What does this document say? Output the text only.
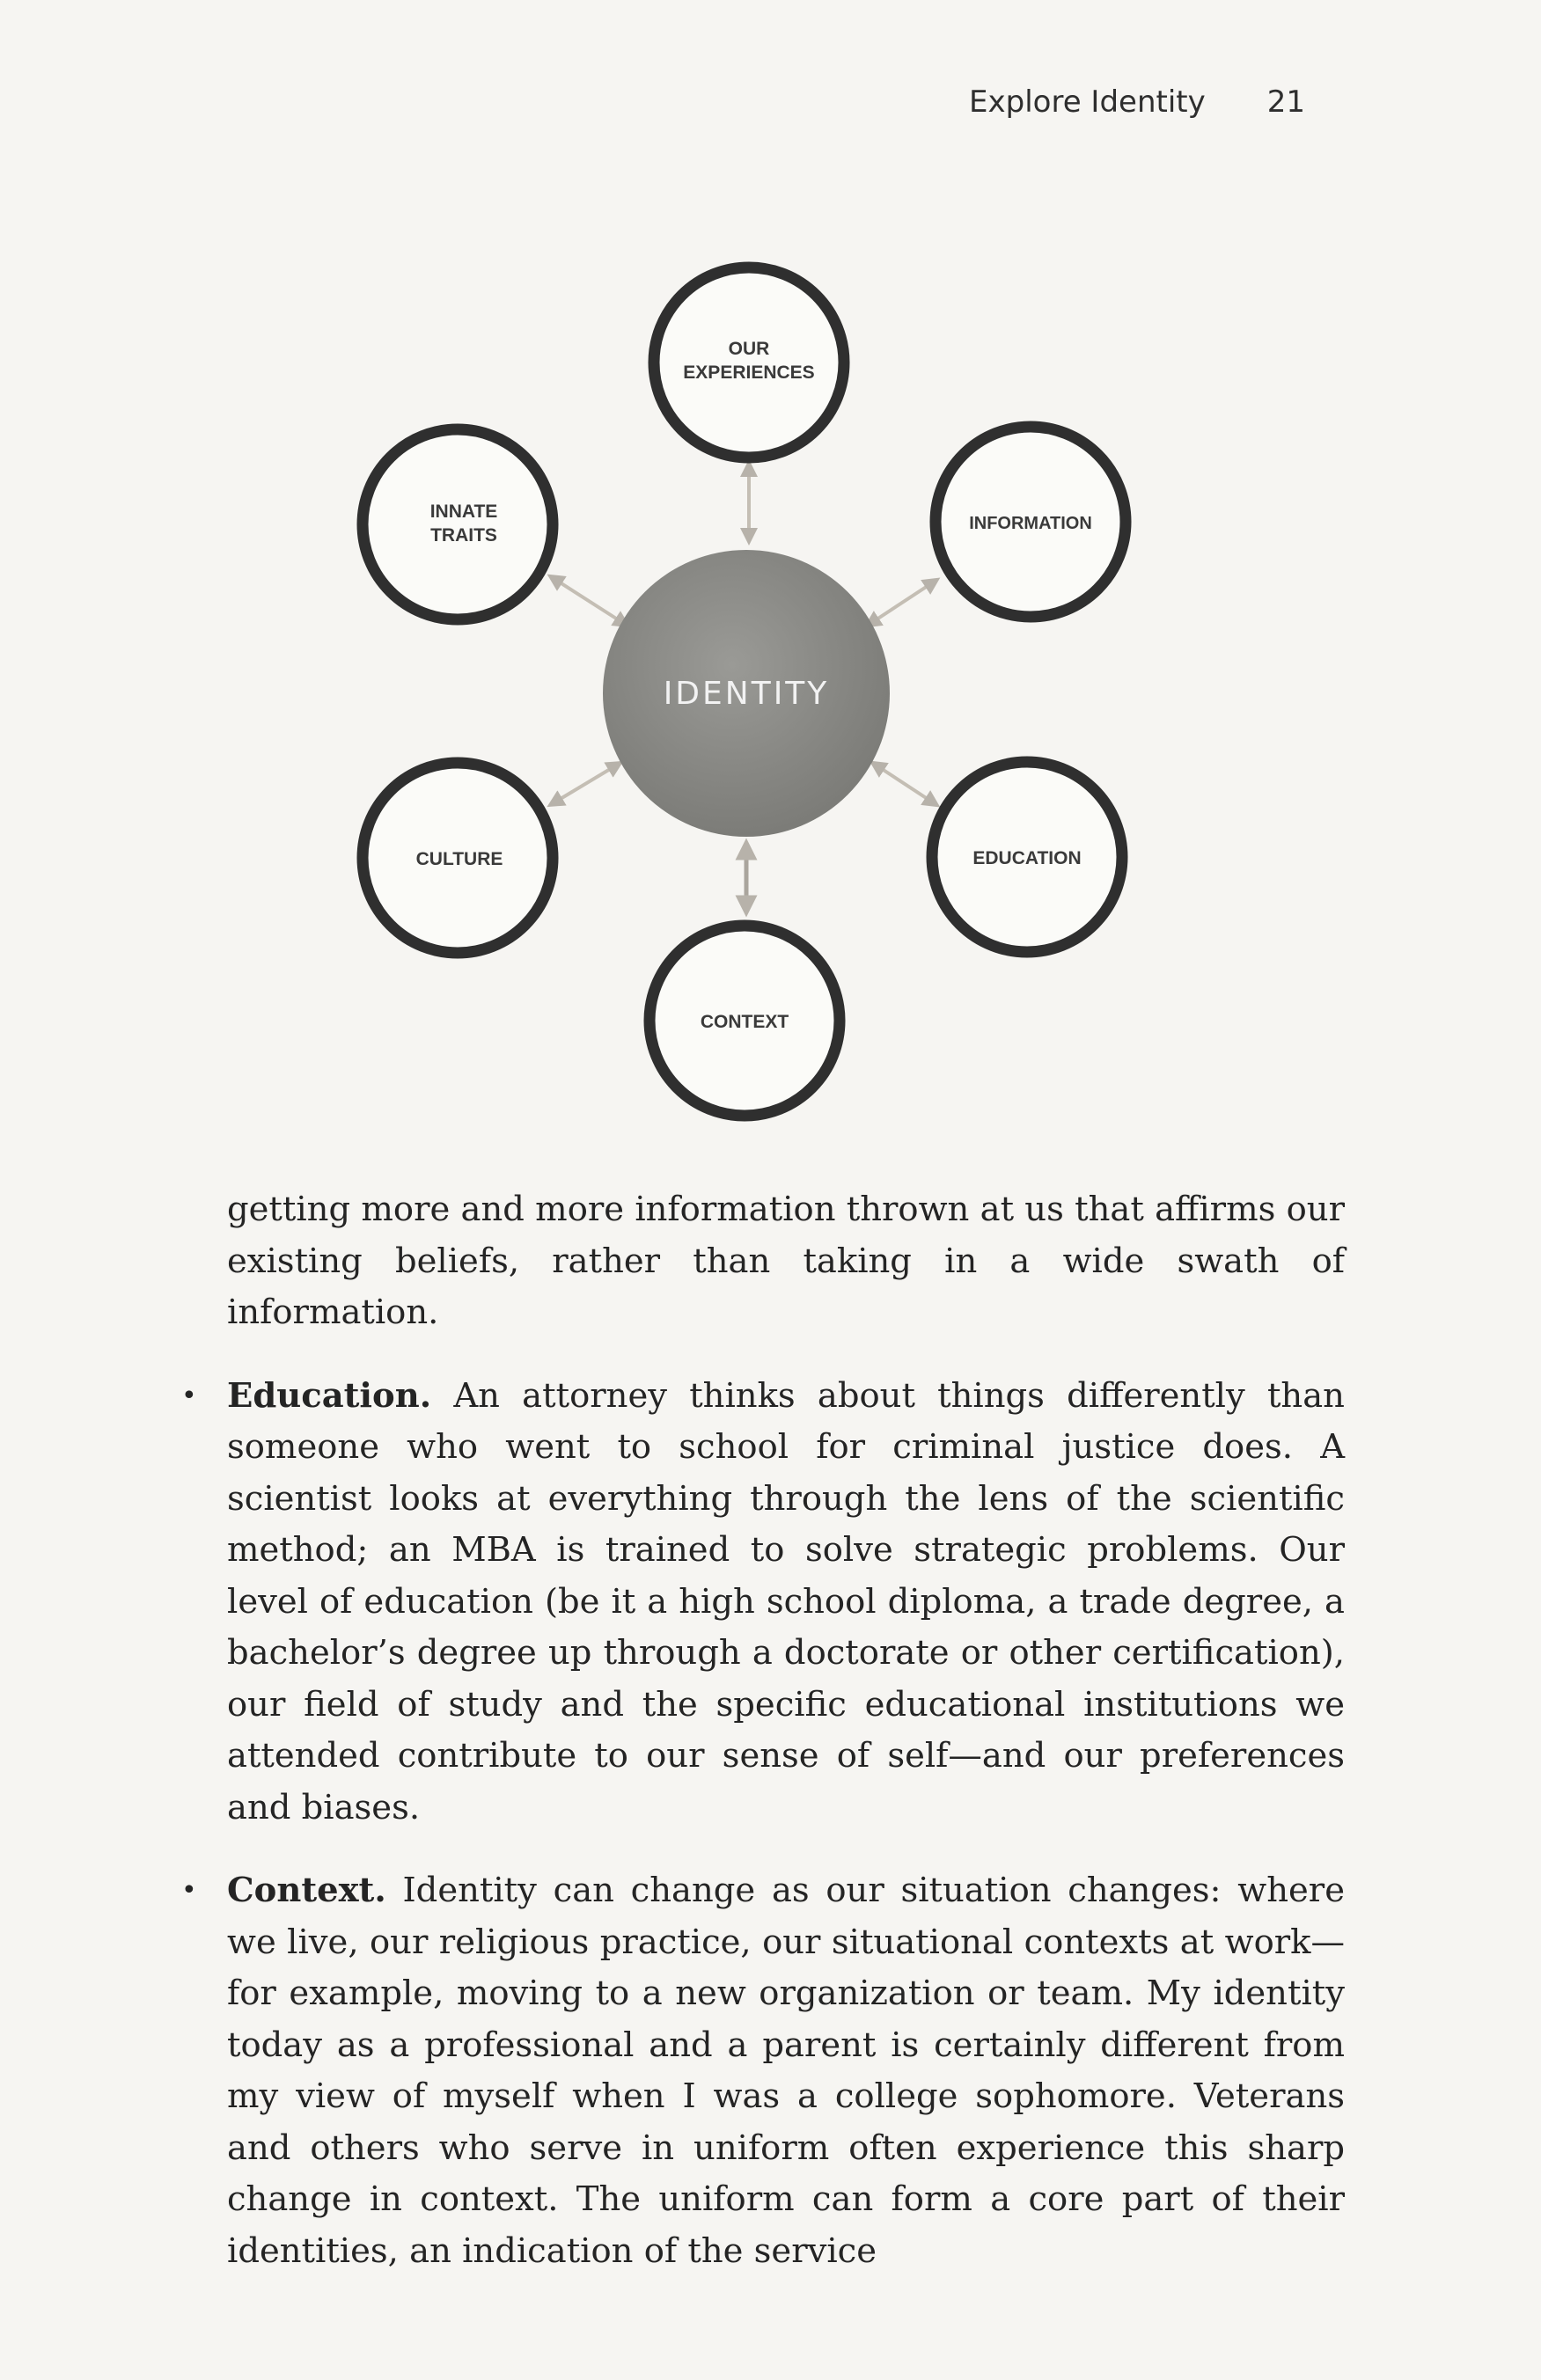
Explore Identity 21
IDENTITY
OUR
EXPERIENCES
INNATE
TRAITS
INFORMATION
CULTURE	EDUCATION
CONTEXT

getting more and more information thrown at us that affirms our existing beliefs, rather than taking in a wide swath of information.

• Education. An attorney thinks about things differently than someone who went to school for criminal justice does. A scientist looks at everything through the lens of the scientific method; an MBA is trained to solve strategic problems. Our level of education (be it a high school diploma, a trade degree, a bachelor’s degree up through a doctorate or other certification), our field of study and the specific educational institutions we attended contribute to our sense of self—and our preferences and biases.

• Context. Identity can change as our situation changes: where we live, our religious practice, our situational contexts at work—for example, moving to a new organization or team. My identity today as a professional and a parent is certainly different from my view of myself when I was a college sophomore. Veterans and others who serve in uniform often experience this sharp change in context. The uniform can form a core part of their identities, an indication of the service
